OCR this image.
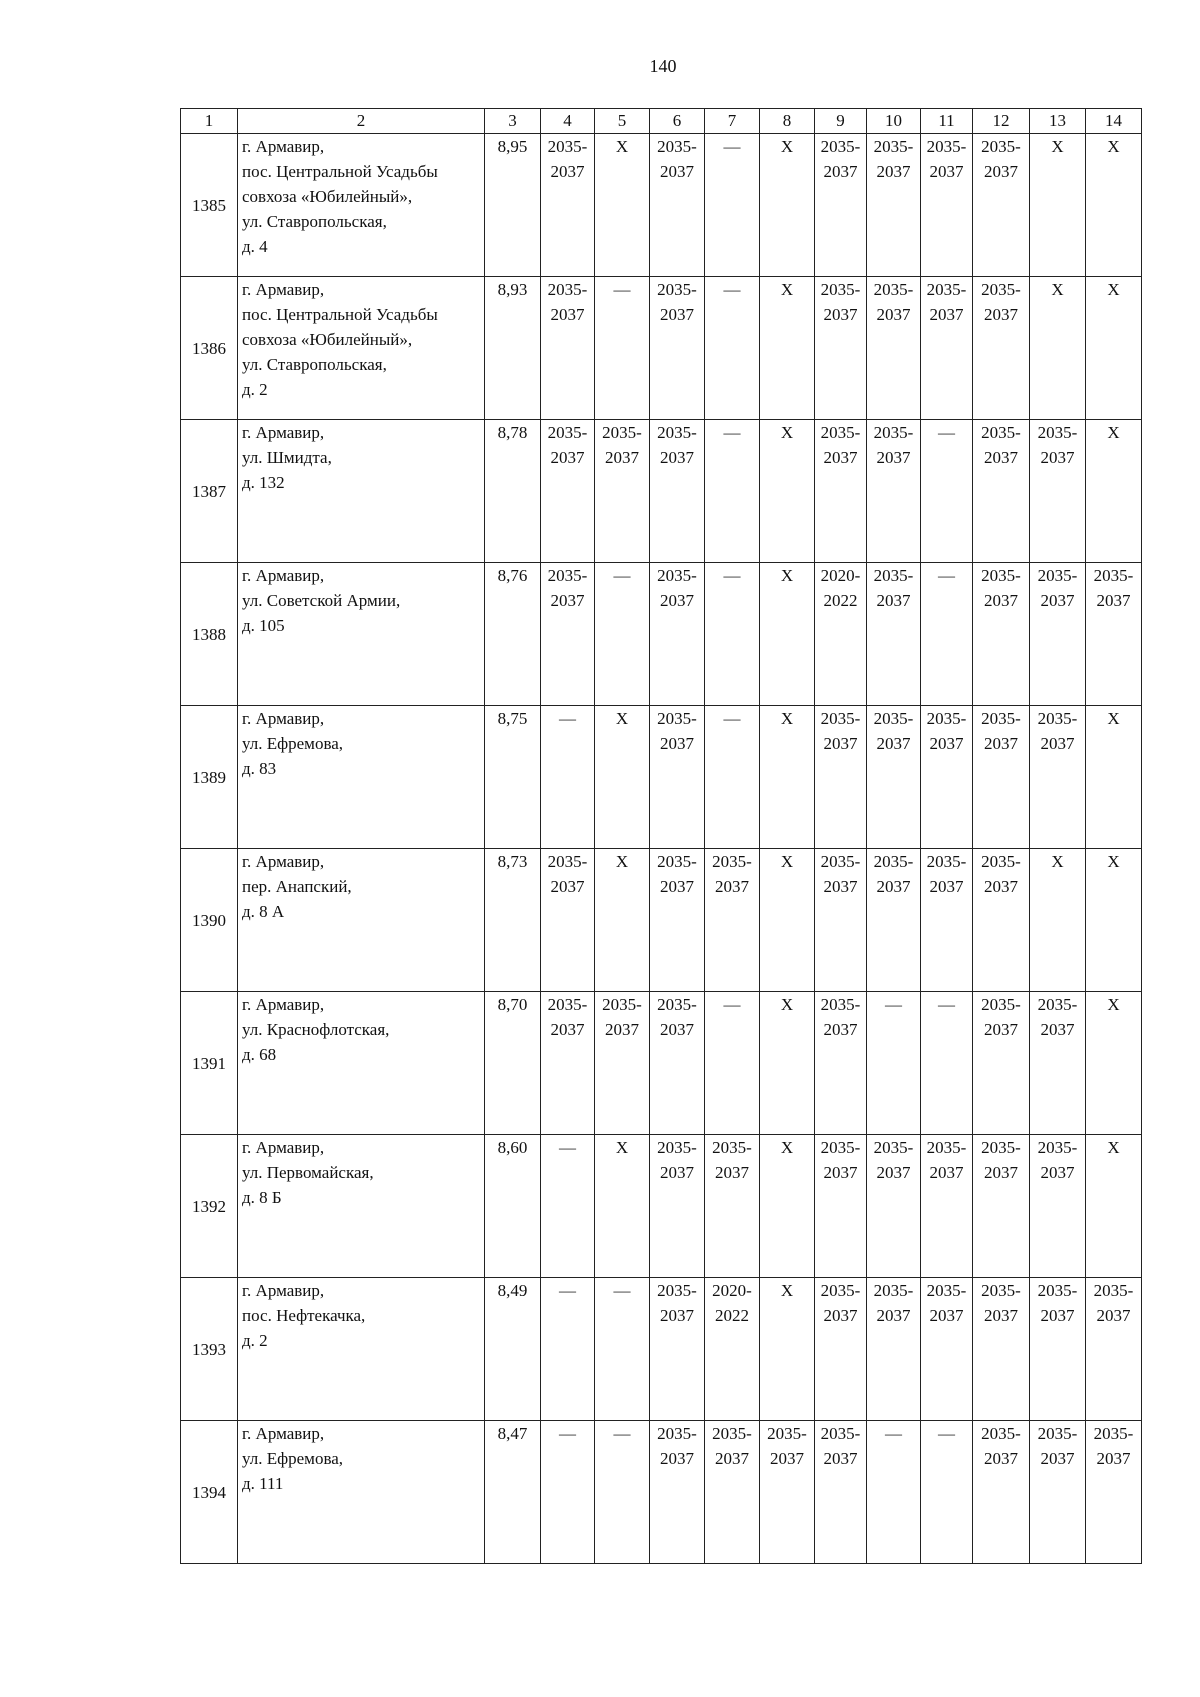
140
1	2	3	4	5	6	7	8	9	10	11	12	13	14
1385	г. Армавир,
пос. Центральной Усадьбы
совхоза «Юбилейный»,
ул. Ставропольская,
д. 4	8,95	2035-
2037	X	2035-
2037	—	X	2035-
2037	2035-
2037	2035-
2037	2035-
2037	X	X
1386	г. Армавир,
пос. Центральной Усадьбы
совхоза «Юбилейный»,
ул. Ставропольская,
д. 2	8,93	2035-
2037	—	2035-
2037	—	X	2035-
2037	2035-
2037	2035-
2037	2035-
2037	X	X
1387	г. Армавир,
ул. Шмидта,
д. 132	8,78	2035-
2037	2035-
2037	2035-
2037	—	X	2035-
2037	2035-
2037	—	2035-
2037	2035-
2037	X
1388	г. Армавир,
ул. Советской Армии,
д. 105	8,76	2035-
2037	—	2035-
2037	—	X	2020-
2022	2035-
2037	—	2035-
2037	2035-
2037	2035-
2037

1389	г. Армавир,
ул. Ефремова,
д. 83	8,75	—	X	2035-
2037	—	X	2035-
2037	2035-
2037	2035-
2037	2035-
2037	2035-
2037	X
1390	г. Армавир,
пер. Анапский,
д. 8 А	8,73	2035-
2037	X	2035-
2037	2035-
2037	X	2035-
2037	2035-
2037	2035-
2037	2035-
2037	X	X
1391	г. Армавир,
ул. Краснофлотская,
д. 68	8,70	2035-
2037	2035-
2037	2035-
2037	—	X	2035-
2037	—	—	2035-
2037	2035-
2037	X
1392	г. Армавир,
ул. Первомайская,
д. 8 Б	8,60	—	X	2035-
2037	2035-
2037	X	2035-
2037	2035-
2037	2035-
2037	2035-
2037	2035-
2037	X
1393	г. Армавир,
пос. Нефтекачка,
д. 2	8,49	—	—	2035-
2037	2020-
2022	X	2035-
2037	2035-
2037	2035-
2037	2035-
2037	2035-
2037	2035-
2037

1394	г. Армавир,
ул. Ефремова,
д. 111	8,47	—	—	2035-
2037	2035-
2037	2035-
2037	2035-
2037	—	—	2035-
2037	2035-
2037	2035-
2037
